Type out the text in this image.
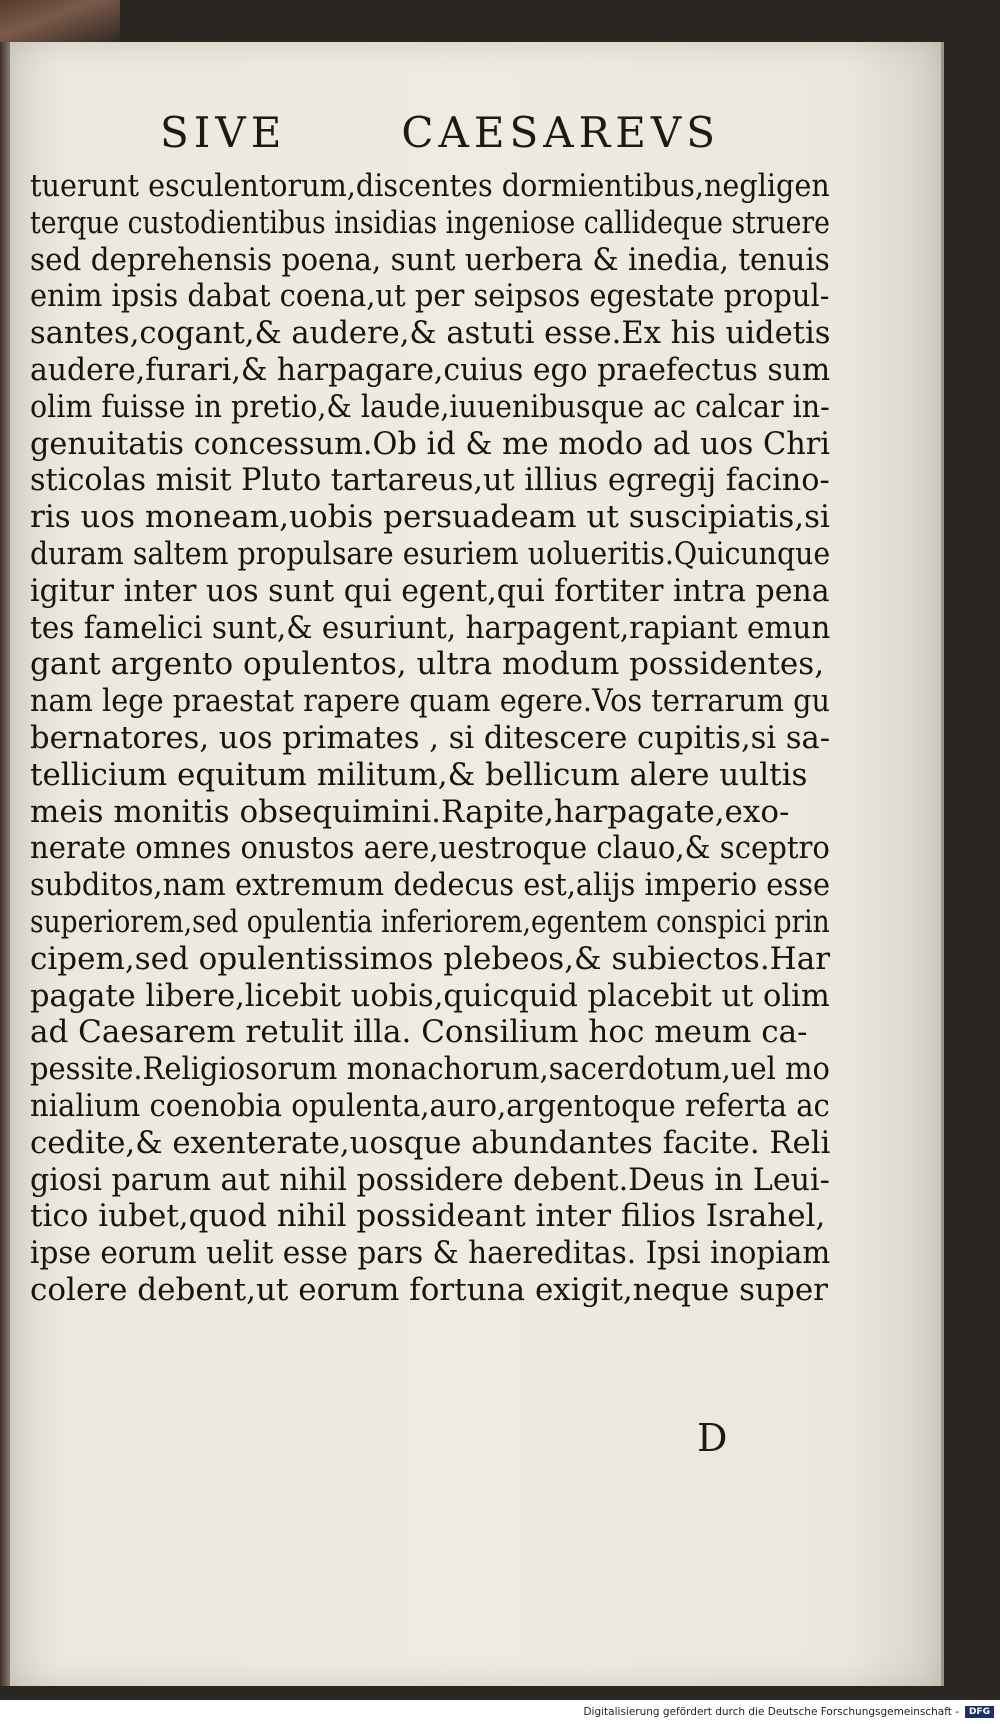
SIVE	CAESAREVS
tuerunt esculentorum,discentes dormientibus,negligen
terque custodientibus insidias ingeniose callideque struere
sed deprehensis poena, sunt uerbera & inedia, tenuis
enim ipsis dabat coena,ut per seipsos egestate propul-
santes,cogant,& audere,& astuti esse.Ex his uidetis
audere,furari,& harpagare,cuius ego praefectus sum
olim fuisse in pretio,& laude,iuuenibusque ac calcar in-
genuitatis concessum.Ob id & me modo ad uos Chri
sticolas misit Pluto tartareus,ut illius egregij facino-
ris uos moneam,uobis persuadeam ut suscipiatis,si
duram saltem propulsare esuriem uolueritis.Quicunque
igitur inter uos sunt qui egent,qui fortiter intra pena
tes famelici sunt,& esuriunt, harpagent,rapiant emun
gant argento opulentos, ultra modum possidentes,
nam lege praestat rapere quam egere.Vos terrarum gu
bernatores, uos primates , si ditescere cupitis,si sa-
tellicium equitum militum,& bellicum alere uultis
meis monitis obsequimini.Rapite,harpagate,exo-
nerate omnes onustos aere,uestroque clauo,& sceptro
subditos,nam extremum dedecus est,alijs imperio esse
superiorem,sed opulentia inferiorem,egentem conspici prin
cipem,sed opulentissimos plebeos,& subiectos.Har
pagate libere,licebit uobis,quicquid placebit ut olim
ad Caesarem retulit illa. Consilium hoc meum ca-
pessite.Religiosorum monachorum,sacerdotum,uel mo
nialium coenobia opulenta,auro,argentoque referta ac
cedite,& exenterate,uosque abundantes facite. Reli
giosi parum aut nihil possidere debent.Deus in Leui-
tico iubet,quod nihil possideant inter filios Israhel,
ipse eorum uelit esse pars & haereditas. Ipsi inopiam
colere debent,ut eorum fortuna exigit,neque super
D
Digitalisierung gefördert durch die Deutsche Forschungsgemeinschaft -	DFG
